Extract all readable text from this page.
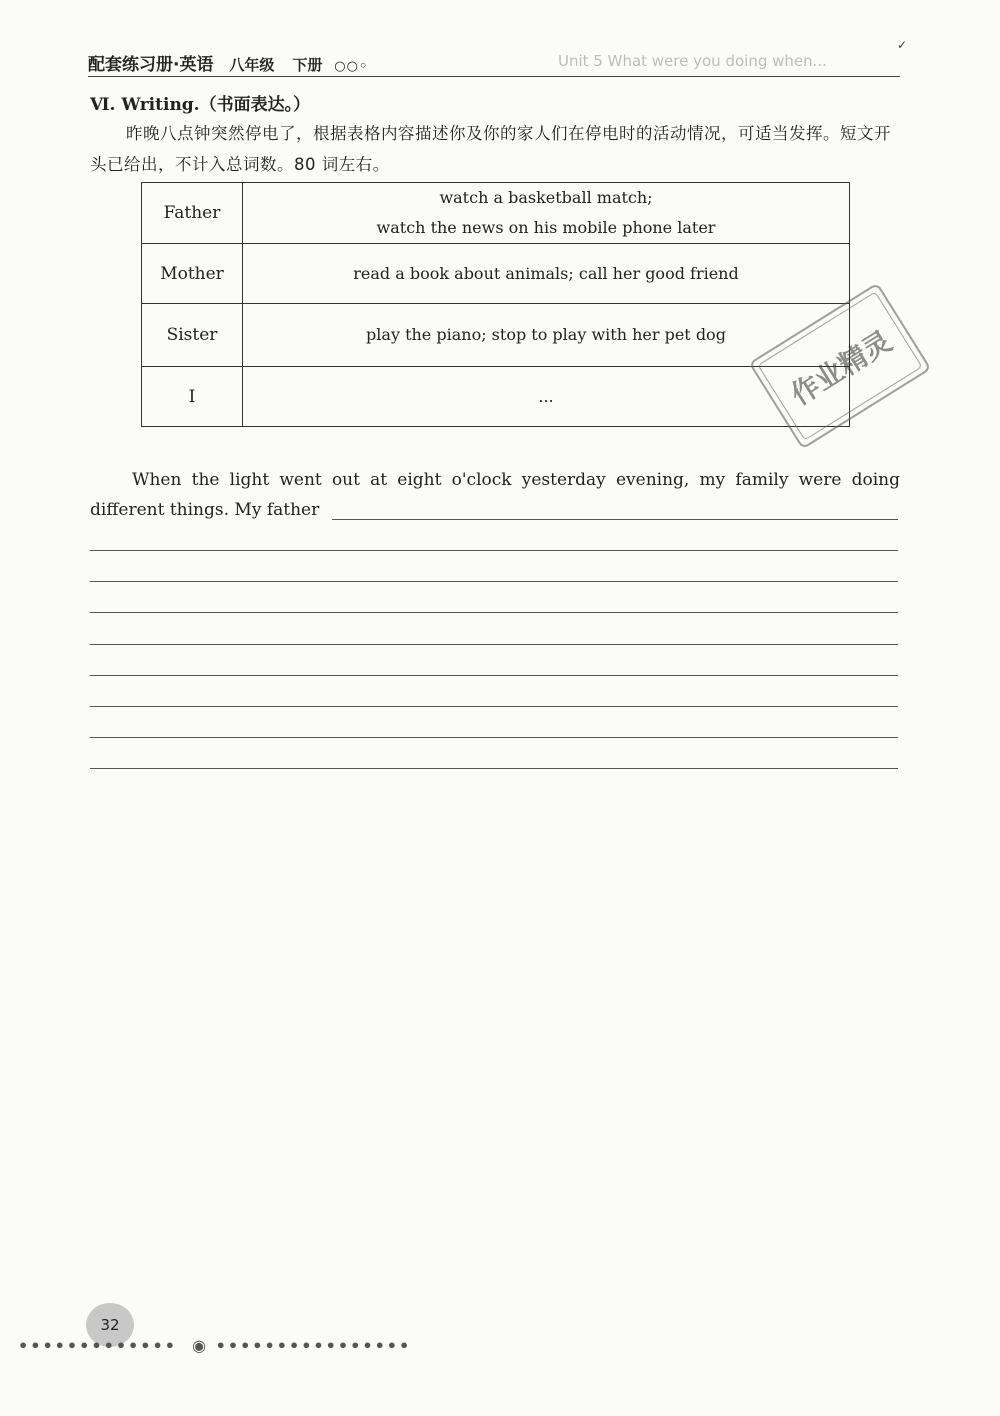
✓
配套练习册·英语 八年级 下册 ○○◦	Unit 5 What were you doing when...
Ⅵ. Writing.（书面表达。）
昨晚八点钟突然停电了，根据表格内容描述你及你的家人们在停电时的活动情况，可适当发挥。短文开头已给出，不计入总词数。80 词左右。
Father	watch a basketball match;
watch the news on his mobile phone later

Mother	read a book about animals; call her good friend

Sister	play the piano; stop to play with her pet dog

I	...	作业精灵
When the light went out at eight o'clock yesterday evening, my family were doing different things. My father
32
•••••••••••••  ◉ ••••••••••••••••
